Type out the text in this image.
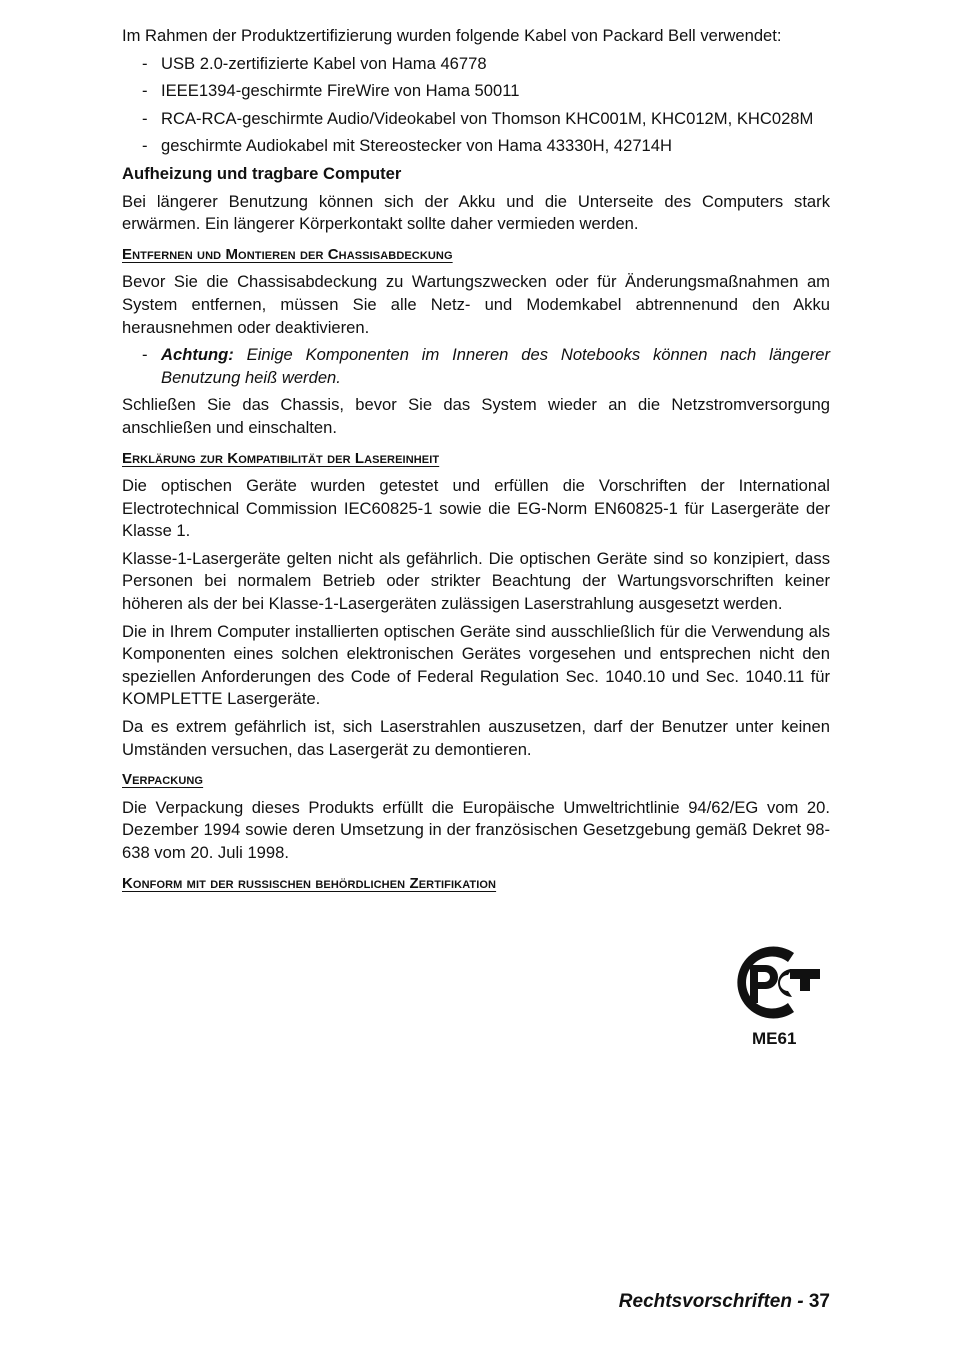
Im Rahmen der Produktzertifizierung wurden folgende Kabel von Packard Bell verwendet:

- USB 2.0-zertifizierte Kabel von Hama 46778
- IEEE1394-geschirmte FireWire von Hama 50011
- RCA-RCA-geschirmte Audio/Videokabel von Thomson KHC001M, KHC012M, KHC028M
- geschirmte Audiokabel mit Stereostecker von Hama 43330H, 42714H
Aufheizung und tragbare Computer

Bei längerer Benutzung können sich der Akku und die Unterseite des Computers stark erwärmen. Ein längerer Körperkontakt sollte daher vermieden werden.

Entfernen und Montieren der Chassisabdeckung

Bevor Sie die Chassisabdeckung zu Wartungszwecken oder für Änderungsmaßnahmen am System entfernen, müssen Sie alle Netz- und Modemkabel abtrennenund den Akku herausnehmen oder deaktivieren.

- Achtung: Einige Komponenten im Inneren des Notebooks können nach längerer Benutzung heiß werden.

Schließen Sie das Chassis, bevor Sie das System wieder an die Netzstromversorgung anschließen und einschalten.

Erklärung zur Kompatibilität der Lasereinheit

Die optischen Geräte wurden getestet und erfüllen die Vorschriften der International Electrotechnical Commission IEC60825-1 sowie die EG-Norm EN60825-1 für Lasergeräte der Klasse 1.

Klasse-1-Lasergeräte gelten nicht als gefährlich. Die optischen Geräte sind so konzipiert, dass Personen bei normalem Betrieb oder strikter Beachtung der Wartungsvorschriften keiner höheren als der bei Klasse-1-Lasergeräten zulässigen Laserstrahlung ausgesetzt werden.

Die in Ihrem Computer installierten optischen Geräte sind ausschließlich für die Verwendung als Komponenten eines solchen elektronischen Gerätes vorgesehen und entsprechen nicht den speziellen Anforderungen des Code of Federal Regulation Sec. 1040.10 und Sec. 1040.11 für KOMPLETTE Lasergeräte.

Da es extrem gefährlich ist, sich Laserstrahlen auszusetzen, darf der Benutzer unter keinen Umständen versuchen, das Lasergerät zu demontieren.

Verpackung

Die Verpackung dieses Produkts erfüllt die Europäische Umweltrichtlinie 94/62/EG vom 20. Dezember 1994 sowie deren Umsetzung in der französischen Gesetzgebung gemäß Dekret 98-638 vom 20. Juli 1998.

Konform mit der russischen behördlichen Zertifikation
ME61
Rechtsvorschriften - 37
